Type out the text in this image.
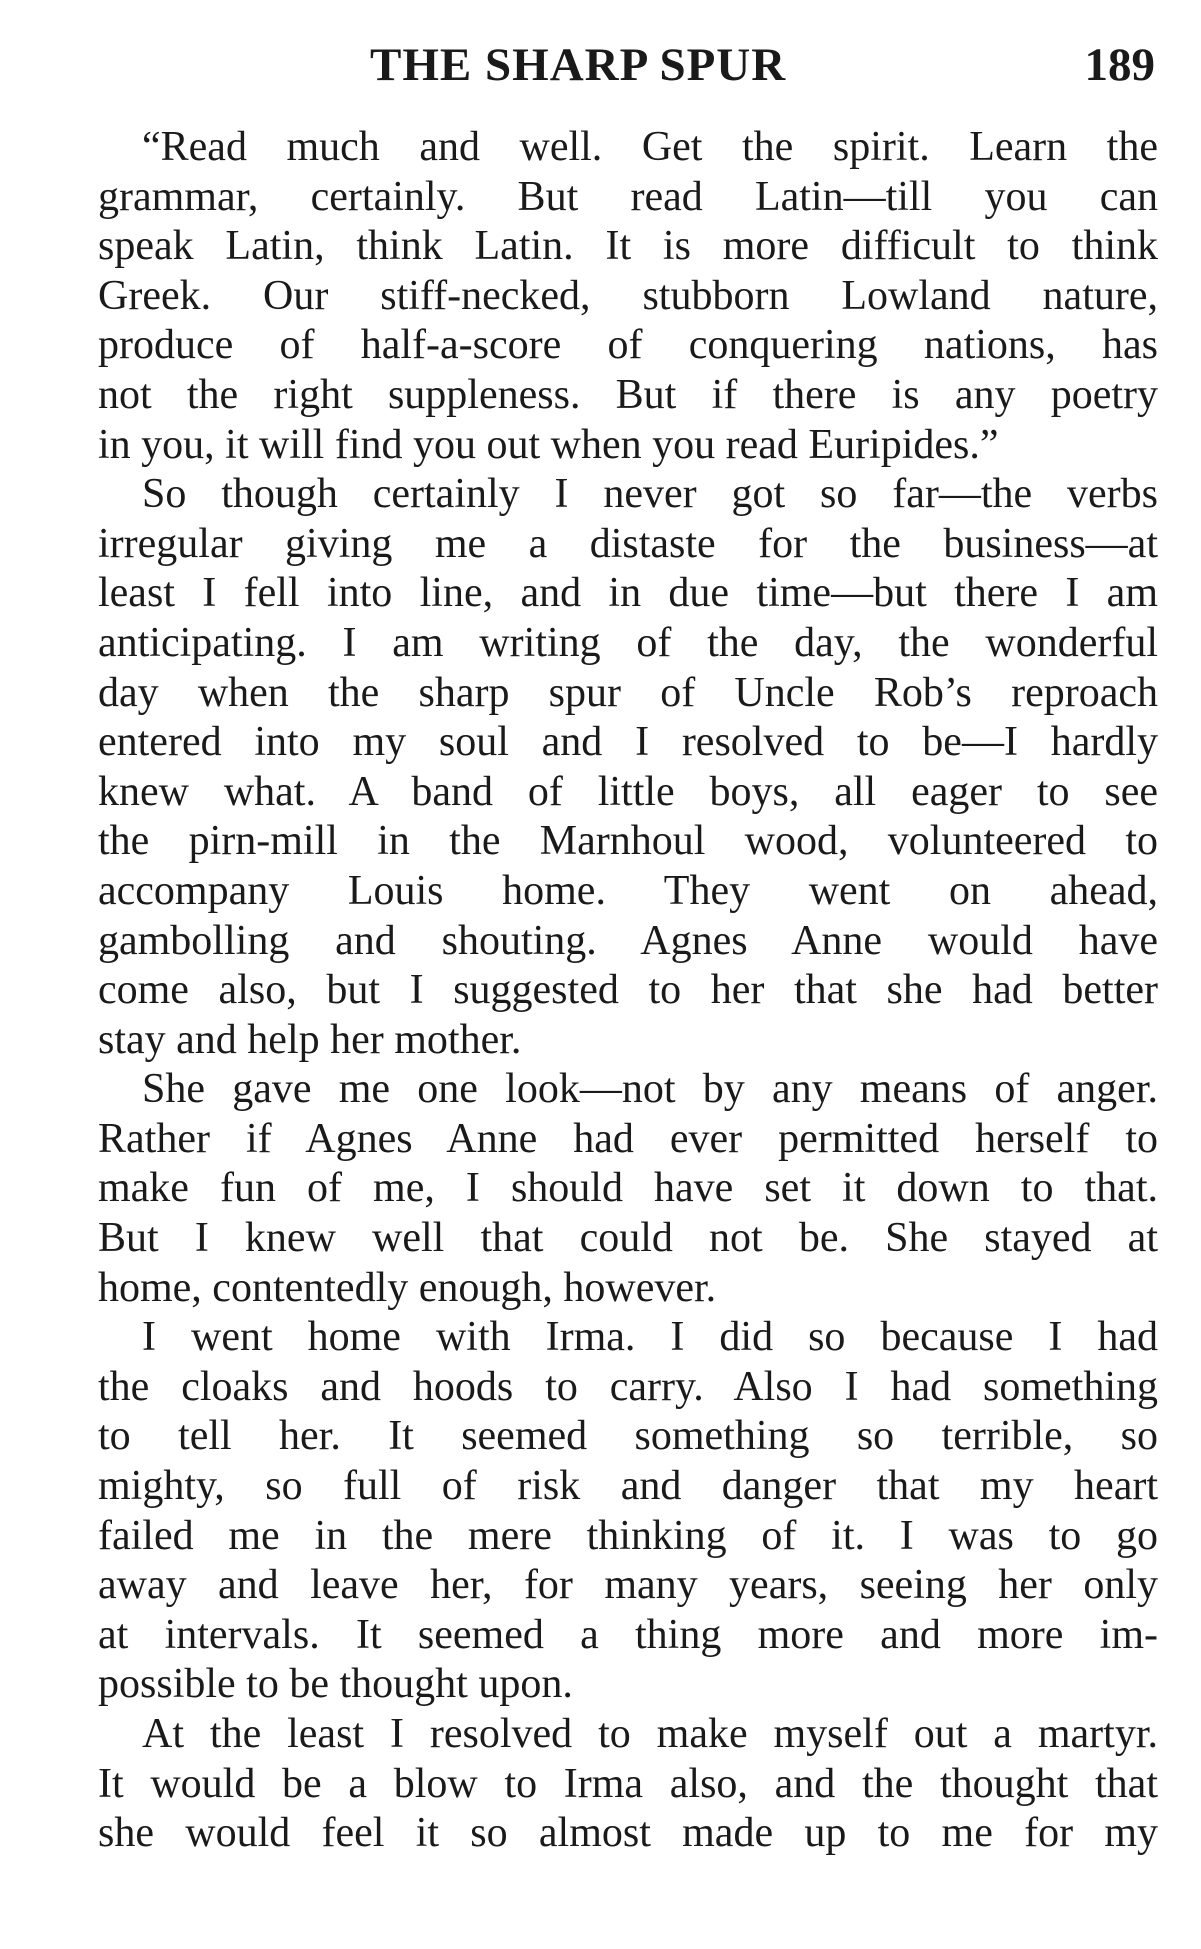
THE SHARP SPUR	189
“Read much and well. Get the spirit. Learn the
grammar, certainly. But read Latin—till you can
speak Latin, think Latin. It is more difficult to think
Greek. Our stiff-necked, stubborn Lowland nature,
produce of half-a-score of conquering nations, has
not the right suppleness. But if there is any poetry
in you, it will find you out when you read Euripides.”
So though certainly I never got so far—the verbs
irregular giving me a distaste for the business—at
least I fell into line, and in due time—but there I am
anticipating. I am writing of the day, the wonderful
day when the sharp spur of Uncle Rob’s reproach
entered into my soul and I resolved to be—I hardly
knew what. A band of little boys, all eager to see
the pirn-mill in the Marnhoul wood, volunteered to
accompany Louis home. They went on ahead,
gambolling and shouting. Agnes Anne would have
come also, but I suggested to her that she had better
stay and help her mother.
She gave me one look—not by any means of anger.
Rather if Agnes Anne had ever permitted herself to
make fun of me, I should have set it down to that.
But I knew well that could not be. She stayed at
home, contentedly enough, however.
I went home with Irma. I did so because I had
the cloaks and hoods to carry. Also I had something
to tell her. It seemed something so terrible, so
mighty, so full of risk and danger that my heart
failed me in the mere thinking of it. I was to go
away and leave her, for many years, seeing her only
at intervals. It seemed a thing more and more im-
possible to be thought upon.
At the least I resolved to make myself out a martyr.
It would be a blow to Irma also, and the thought that
she would feel it so almost made up to me for my
